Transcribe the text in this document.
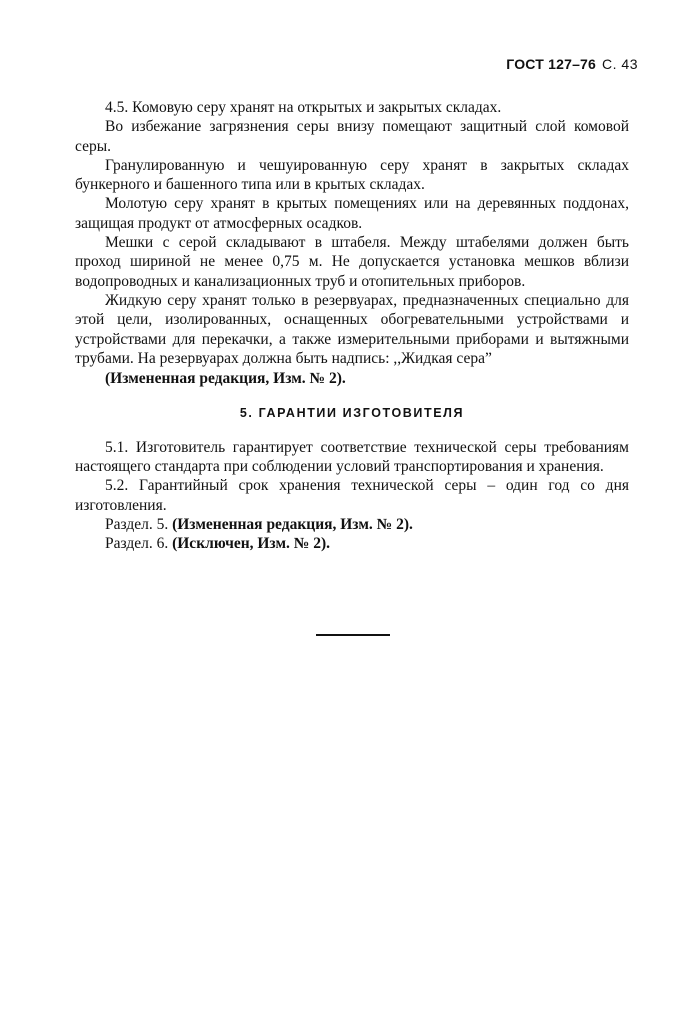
ГОСТ 127–76 С. 43

4.5. Комовую серу хранят на открытых и закрытых складах.

Во избежание загрязнения серы внизу помещают защитный слой комовой серы.

Гранулированную и чешуированную серу хранят в закрытых складах бункерного и башенного типа или в крытых складах.

Молотую серу хранят в крытых помещениях или на деревянных поддонах, защищая продукт от атмосферных осадков.

Мешки с серой складывают в штабеля. Между штабелями должен быть проход шириной не менее 0,75 м. Не допускается установка мешков вблизи водопроводных и канализационных труб и отопительных приборов.

Жидкую серу хранят только в резервуарах, предназначенных специально для этой цели, изолированных, оснащенных обогревательными устройствами и устройствами для перекачки, а также измерительными приборами и вытяжными трубами. На резервуарах должна быть надпись: ,,Жидкая сера”

(Измененная редакция, Изм. № 2).

5. ГАРАНТИИ ИЗГОТОВИТЕЛЯ

5.1. Изготовитель гарантирует соответствие технической серы требованиям настоящего стандарта при соблюдении условий транспортирования и хранения.

5.2. Гарантийный срок хранения технической серы – один год со дня изготовления.

Раздел. 5. (Измененная редакция, Изм. № 2).

Раздел. 6. (Исключен, Изм. № 2).
